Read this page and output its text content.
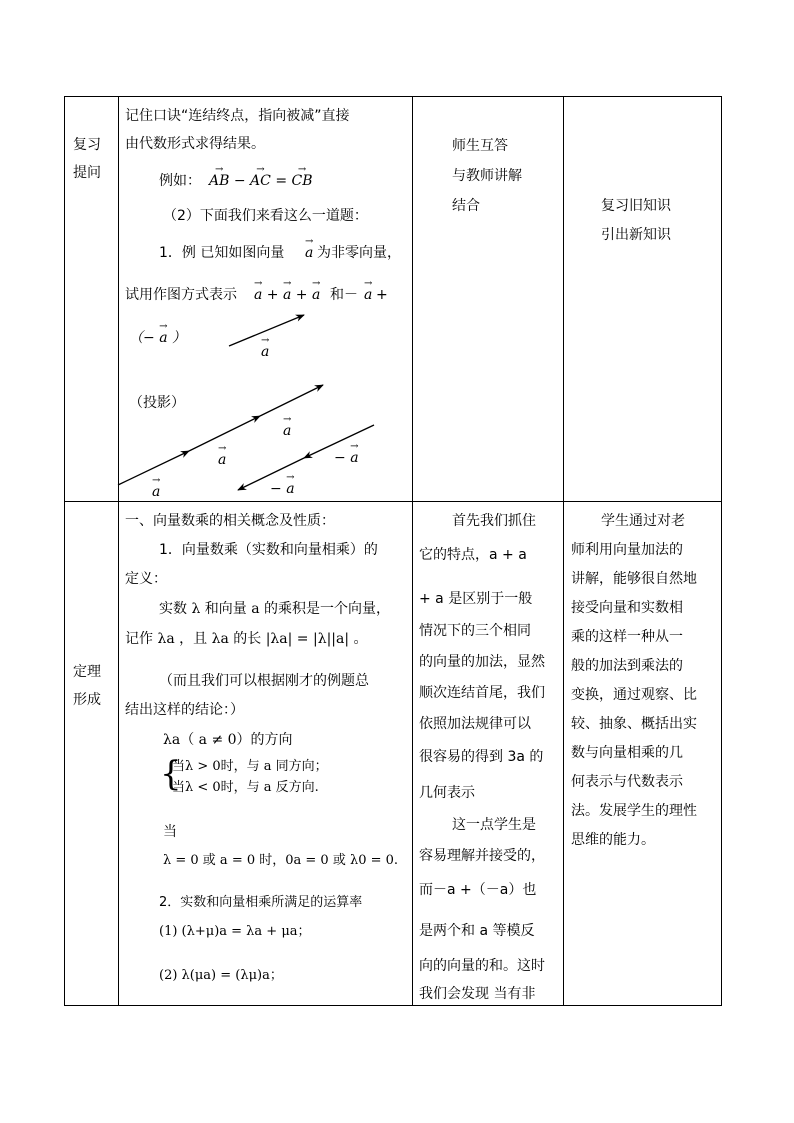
复习
提问
记住口诀“连结终点，指向被减”直接
由代数形式求得结果。
例如： → AB − → AC = → CB
（2）下面我们来看这么一道题：
1．例 已知如图向量 → a 为非零向量，
试用作图方式表示 → a + → a + → a 和－ → a +
（− → a ）
（投影）
→ a
→ a
→ a
→ a
− → a
− → a
师生互答
与教师讲解
结合	复习旧知识
引出新知识
定理
形成
一、向量数乘的相关概念及性质：
1．向量数乘（实数和向量相乘）的
定义：
实数 λ 和向量 a 的乘积是一个向量，
记作 λa ，且 λa 的长 |λa| = |λ||a| 。
（而且我们可以根据刚才的例题总
结出这样的结论：）
λa（ a ≠ 0）的方向
{
当λ > 0时，与 a 同方向；
当λ < 0时，与 a 反方向.
当
λ = 0 或 a = 0 时，0a = 0 或 λ0 = 0.
2．实数和向量相乘所满足的运算率
(1) (λ+μ)a = λa + μa；
(2) λ(μa) = (λμ)a；
首先我们抓住
它的特点，a + a
+ a 是区别于一般
情况下的三个相同
的向量的加法，显然
顺次连结首尾，我们
依照加法规律可以
很容易的得到 3a 的
几何表示
这一点学生是
容易理解并接受的，
而－a +（－a）也
是两个和 a 等模反
向的向量的和。这时
我们会发现 当有非
学生通过对老
师利用向量加法的
讲解，能够很自然地
接受向量和实数相
乘的这样一种从一
般的加法到乘法的
变换，通过观察、比
较、抽象、概括出实
数与向量相乘的几
何表示与代数表示
法。发展学生的理性
思维的能力。
